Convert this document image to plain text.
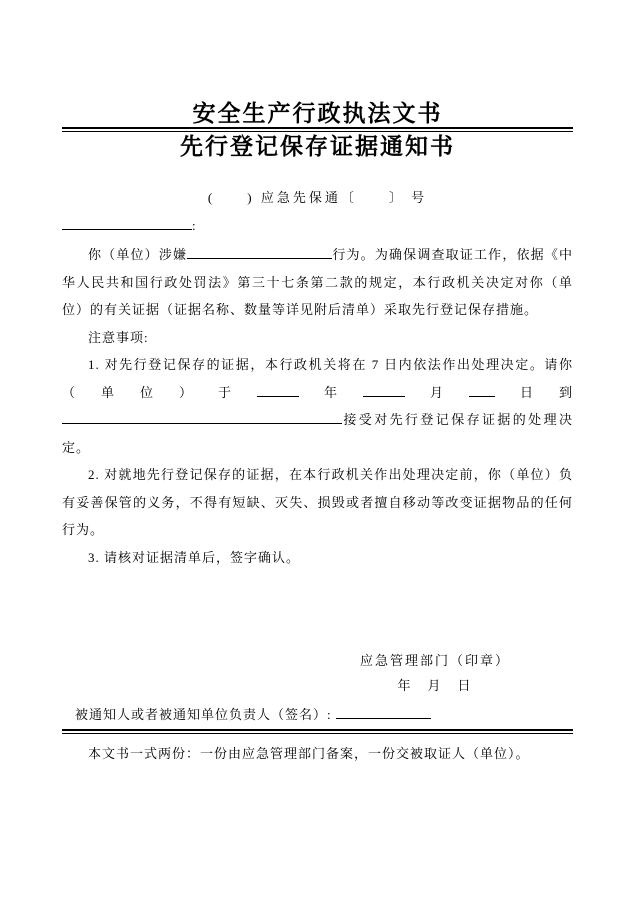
安全生产行政执法文书
先行登记保存证据通知书
(　　) 应急先保通〔　　〕 号
:

你（单位）涉嫌	行为。为确保调查取证工作，依据《中华人民共和国行政处罚法》第三十七条第二款的规定，本行政机关决定对你（单位）的有关证据（证据名称、数量等详见附后清单）采取先行登记保存措施。

注意事项:

1. 对先行登记保存的证据，本行政机关将在 7 日内依法作出处理决定。请你（单位）于	年	月 日到接受对先行登记保存证据的处理决定。

2. 对就地先行登记保存的证据，在本行政机关作出处理决定前，你（单位）负有妥善保管的义务，不得有短缺、灭失、损毁或者擅自移动等改变证据物品的任何行为。

3. 请核对证据清单后，签字确认。

应急管理部门（印章）
年　月　日
被通知人或者被通知单位负责人（签名）:

本文书一式两份：一份由应急管理部门备案，一份交被取证人（单位）。
